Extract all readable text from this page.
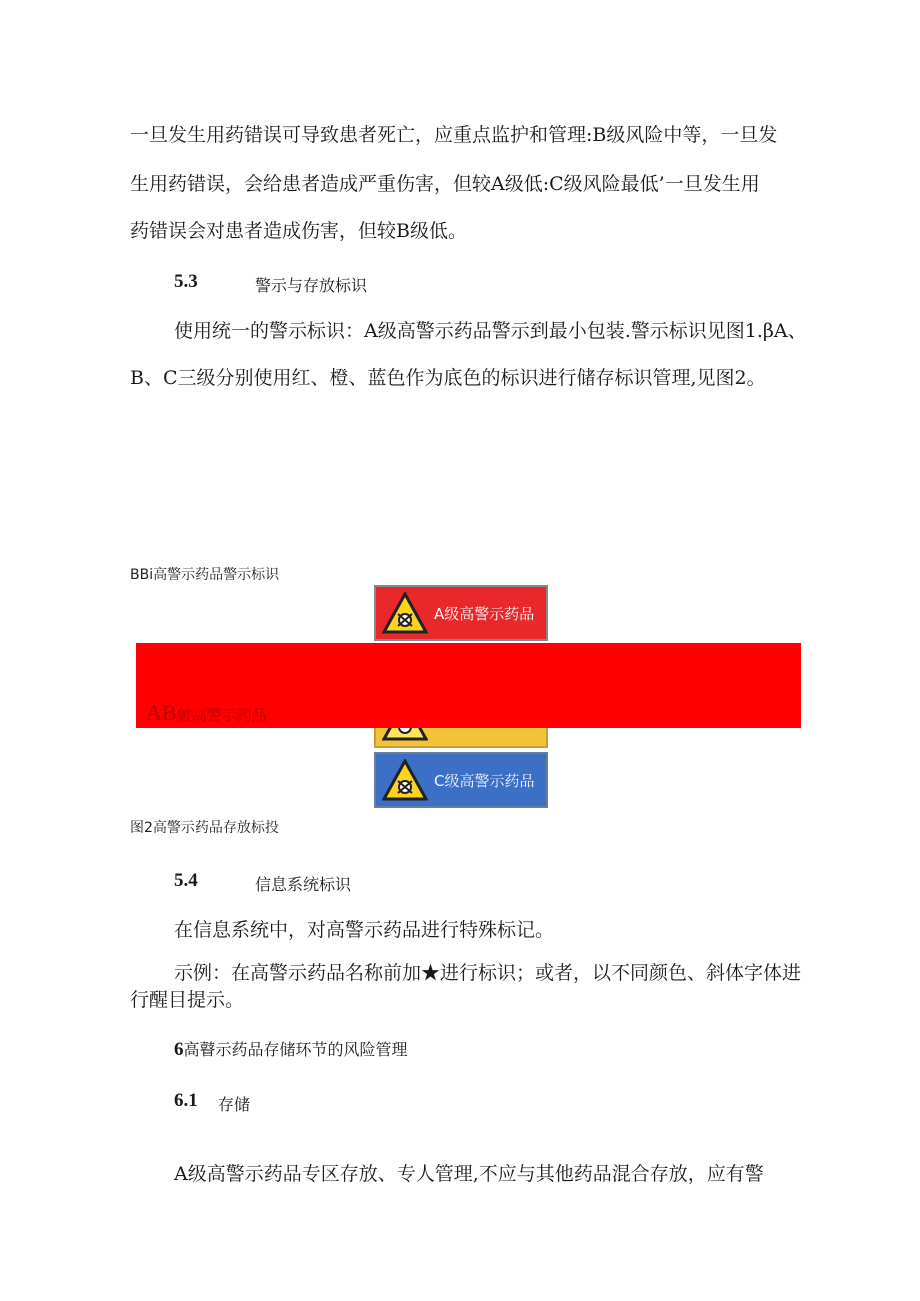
一旦发生用药错误可导致患者死亡，应重点监护和管理:B级风险中等，一旦发
生用药错误，会给患者造成严重伤害，但较A级低:C级风险最低’一旦发生用
药错误会对患者造成伤害，但较B级低。
5.3	警示与存放标识
使用统一的警示标识：A级高警示药品警示到最小包装.警示标识见图1.βA、
B、C三级分别使用红、橙、蓝色作为底色的标识进行储存标识管理,见图2。
BBi高警示药品警示标识
A级高警示药品
AB皴高警示药品
C级高警示药品
图2高警示药品存放标投
5.4	信息系统标识
在信息系统中，对高警示药品进行特殊标记。
示例：在高警示药品名称前加★进行标识；或者，以不同颜色、斜体字体进
行醒目提示。
6高瞽示药品存储环节的风险管理
6.1 存储
A级高警示药品专区存放、专人管理,不应与其他药品混合存放，应有警
